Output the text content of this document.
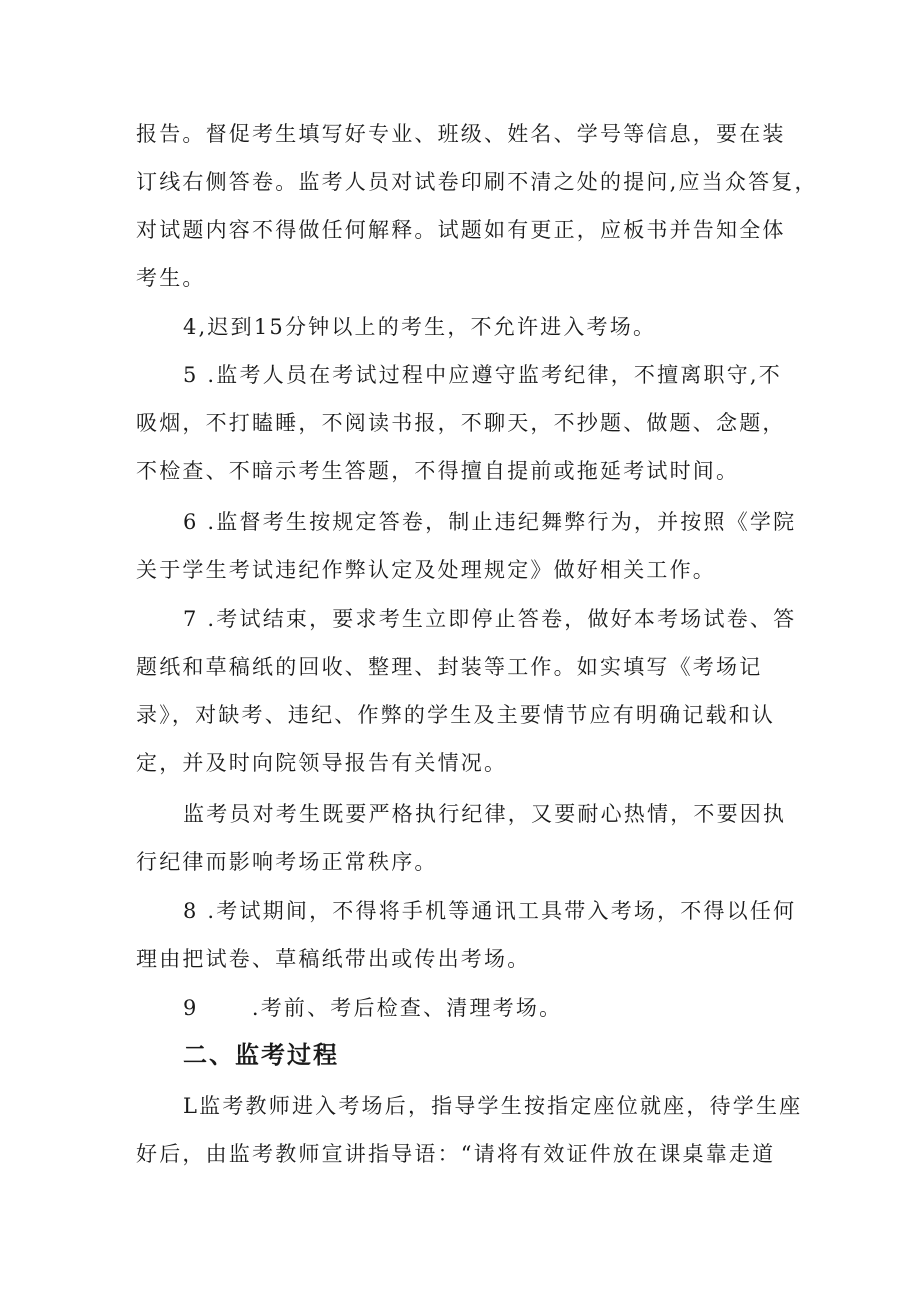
报告。督促考生填写好专业、班级、姓名、学号等信息，要在装
订线右侧答卷。监考人员对试卷印刷不清之处的提问,应当众答复，
对试题内容不得做任何解释。试题如有更正，应板书并告知全体
考生。
4,迟到15分钟以上的考生，不允许进入考场。
5 .监考人员在考试过程中应遵守监考纪律，不擅离职守,不
吸烟，不打瞌睡，不阅读书报，不聊天，不抄题、做题、念题，
不检查、不暗示考生答题，不得擅自提前或拖延考试时间。
6 .监督考生按规定答卷，制止违纪舞弊行为，并按照《学院
关于学生考试违纪作弊认定及处理规定》做好相关工作。
7 .考试结束，要求考生立即停止答卷，做好本考场试卷、答
题纸和草稿纸的回收、整理、封装等工作。如实填写《考场记
录》，对缺考、违纪、作弊的学生及主要情节应有明确记载和认
定，并及时向院领导报告有关情况。
监考员对考生既要严格执行纪律，又要耐心热情，不要因执
行纪律而影响考场正常秩序。
8 .考试期间，不得将手机等通讯工具带入考场，不得以任何
理由把试卷、草稿纸带出或传出考场。
9      .考前、考后检查、清理考场。
二、监考过程
L监考教师进入考场后，指导学生按指定座位就座，待学生座
好后，由监考教师宣讲指导语：“请将有效证件放在课桌靠走道
